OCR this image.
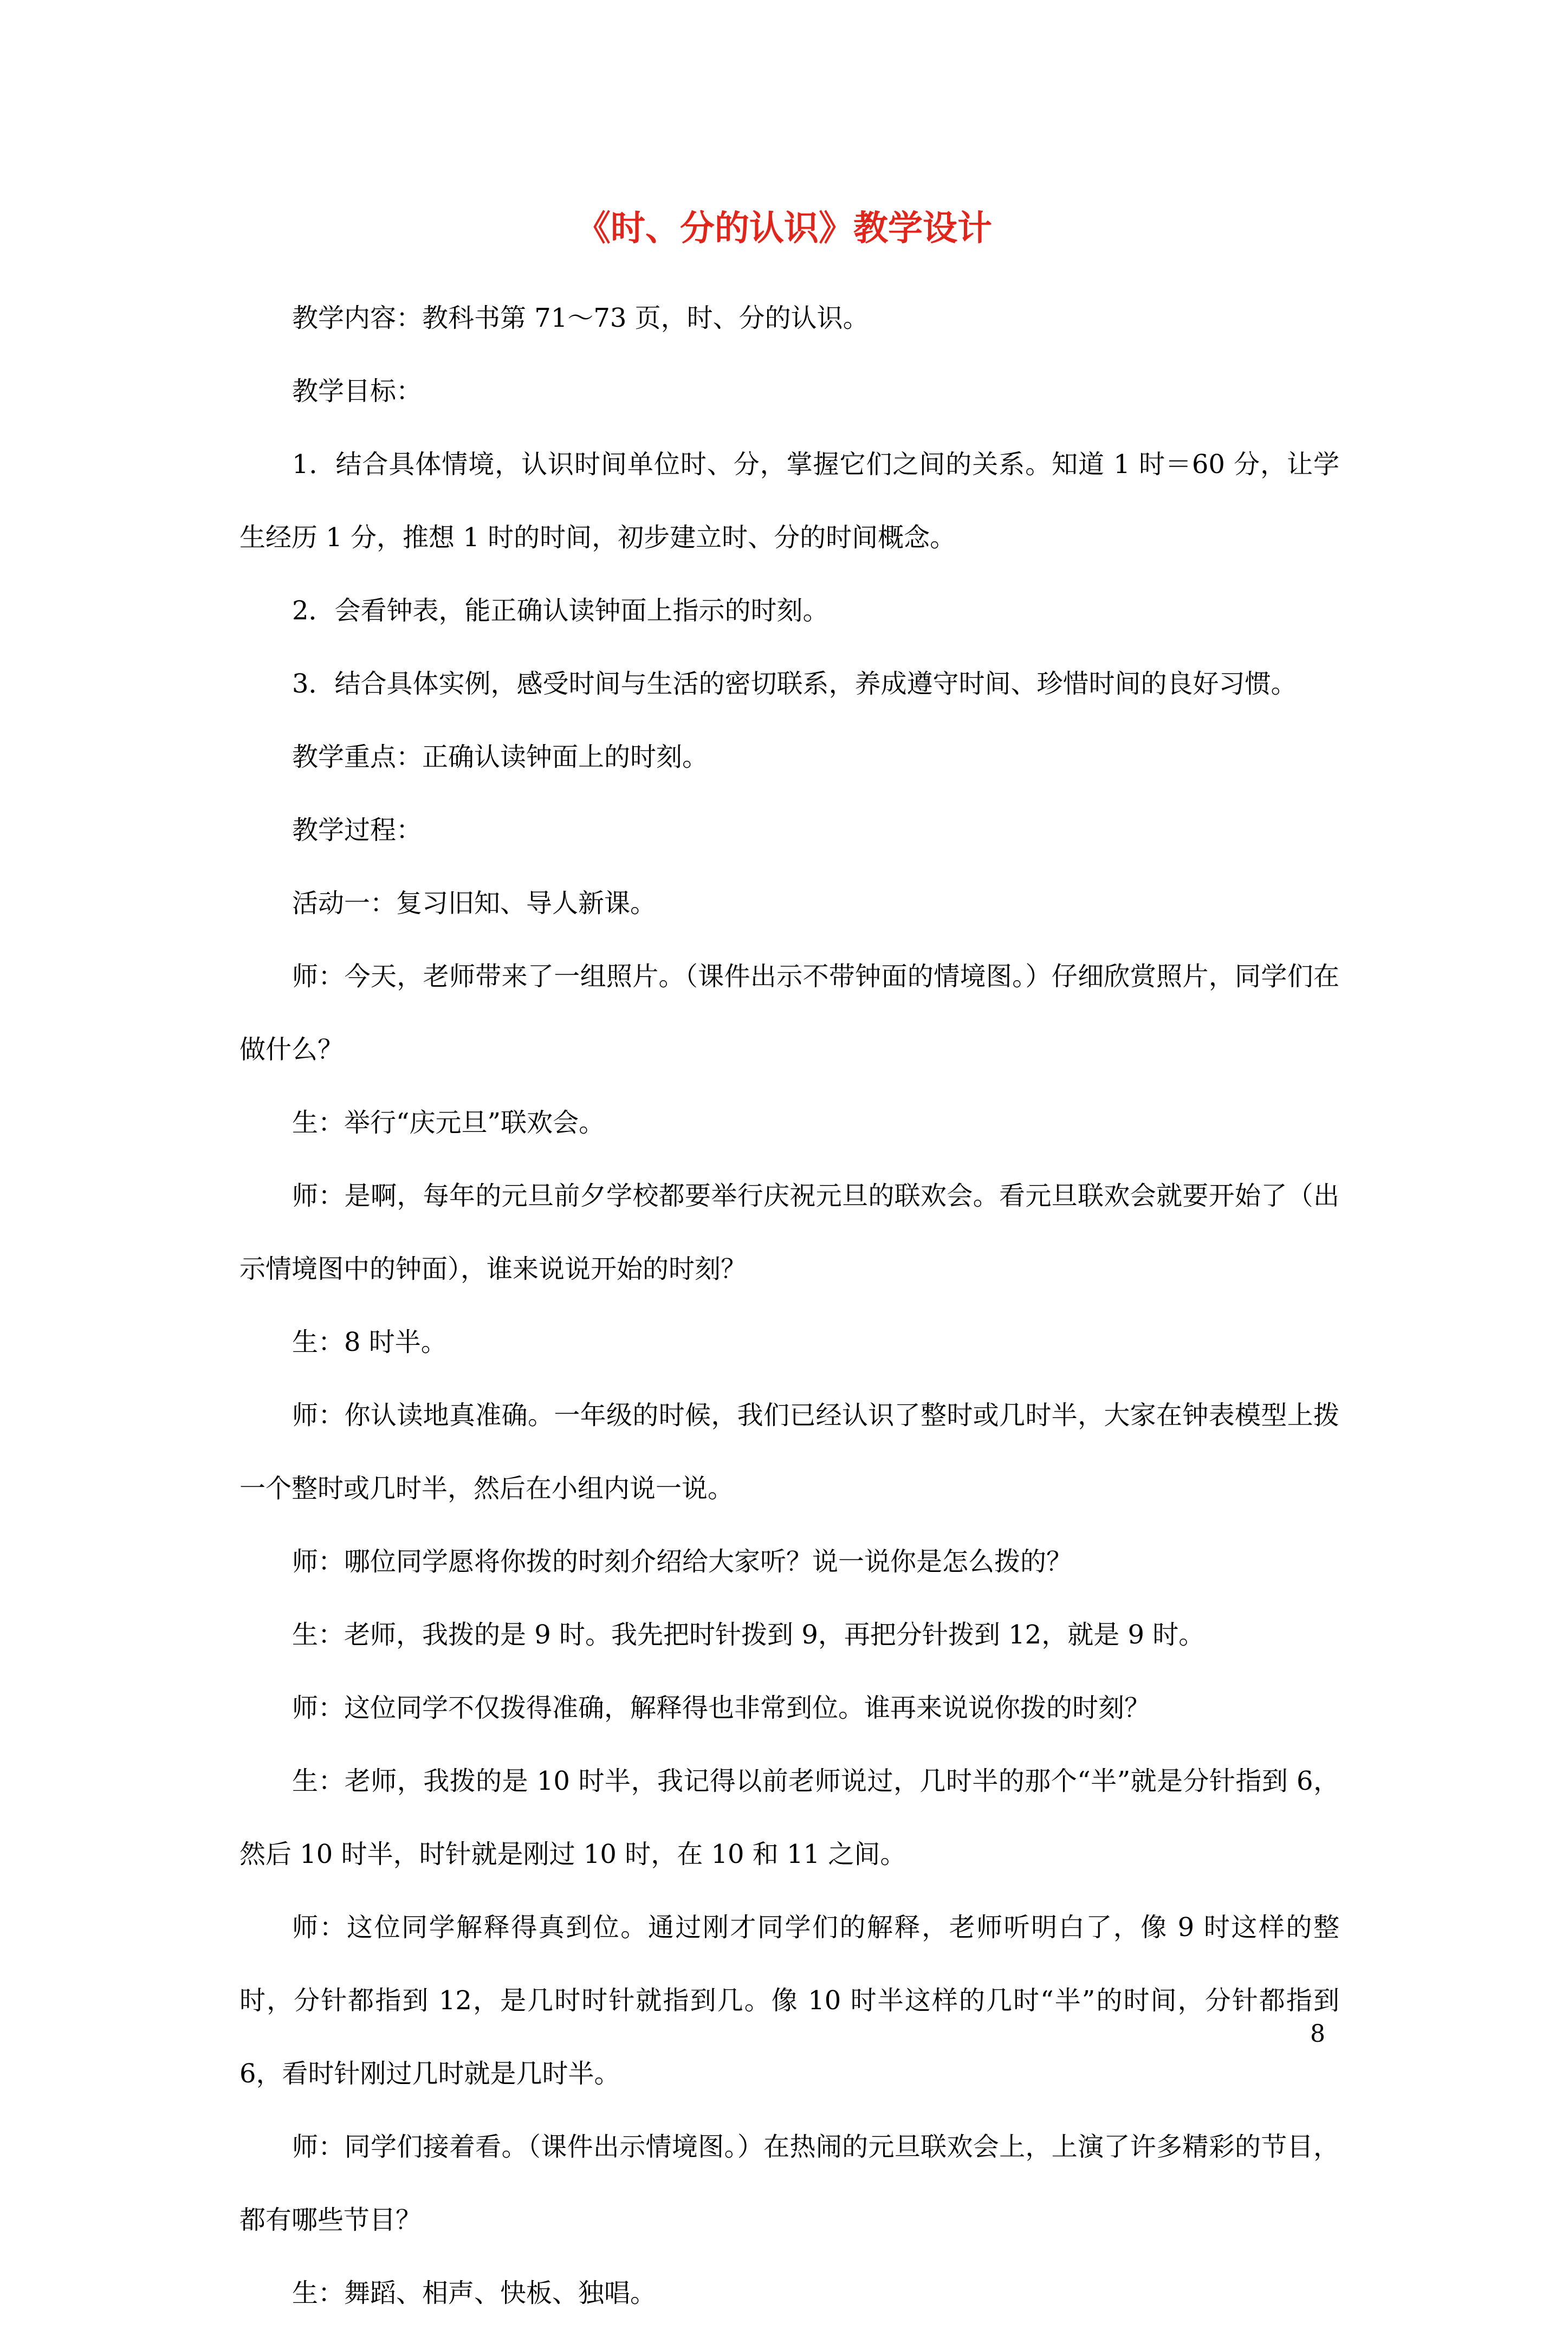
《时、分的认识》教学设计

教学内容：教科书第 71～73 页，时、分的认识。

教学目标：

1．结合具体情境，认识时间单位时、分，掌握它们之间的关系。知道 1 时＝60 分，让学生经历 1 分，推想 1 时的时间，初步建立时、分的时间概念。

2．会看钟表，能正确认读钟面上指示的时刻。

3．结合具体实例，感受时间与生活的密切联系，养成遵守时间、珍惜时间的良好习惯。

教学重点：正确认读钟面上的时刻。

教学过程：

活动一：复习旧知、导人新课。

师：今天，老师带来了一组照片。（课件出示不带钟面的情境图。）仔细欣赏照片，同学们在做什么？

生：举行“庆元旦”联欢会。

师：是啊，每年的元旦前夕学校都要举行庆祝元旦的联欢会。看元旦联欢会就要开始了（出示情境图中的钟面），谁来说说开始的时刻？

生：8 时半。

师：你认读地真准确。一年级的时候，我们已经认识了整时或几时半，大家在钟表模型上拨一个整时或几时半，然后在小组内说一说。

师：哪位同学愿将你拨的时刻介绍给大家听？说一说你是怎么拨的？

生：老师，我拨的是 9 时。我先把时针拨到 9，再把分针拨到 12，就是 9 时。

师：这位同学不仅拨得准确，解释得也非常到位。谁再来说说你拨的时刻？

生：老师，我拨的是 10 时半，我记得以前老师说过，几时半的那个“半”就是分针指到 6，然后 10 时半，时针就是刚过 10 时，在 10 和 11 之间。

师：这位同学解释得真到位。通过刚才同学们的解释，老师听明白了，像 9 时这样的整时，分针都指到 12，是几时时针就指到几。像 10 时半这样的几时“半”的时间，分针都指到 6，看时针刚过几时就是几时半。

师：同学们接着看。（课件出示情境图。）在热闹的元旦联欢会上，上演了许多精彩的节目，都有哪些节目？

生：舞蹈、相声、快板、独唱。

8
